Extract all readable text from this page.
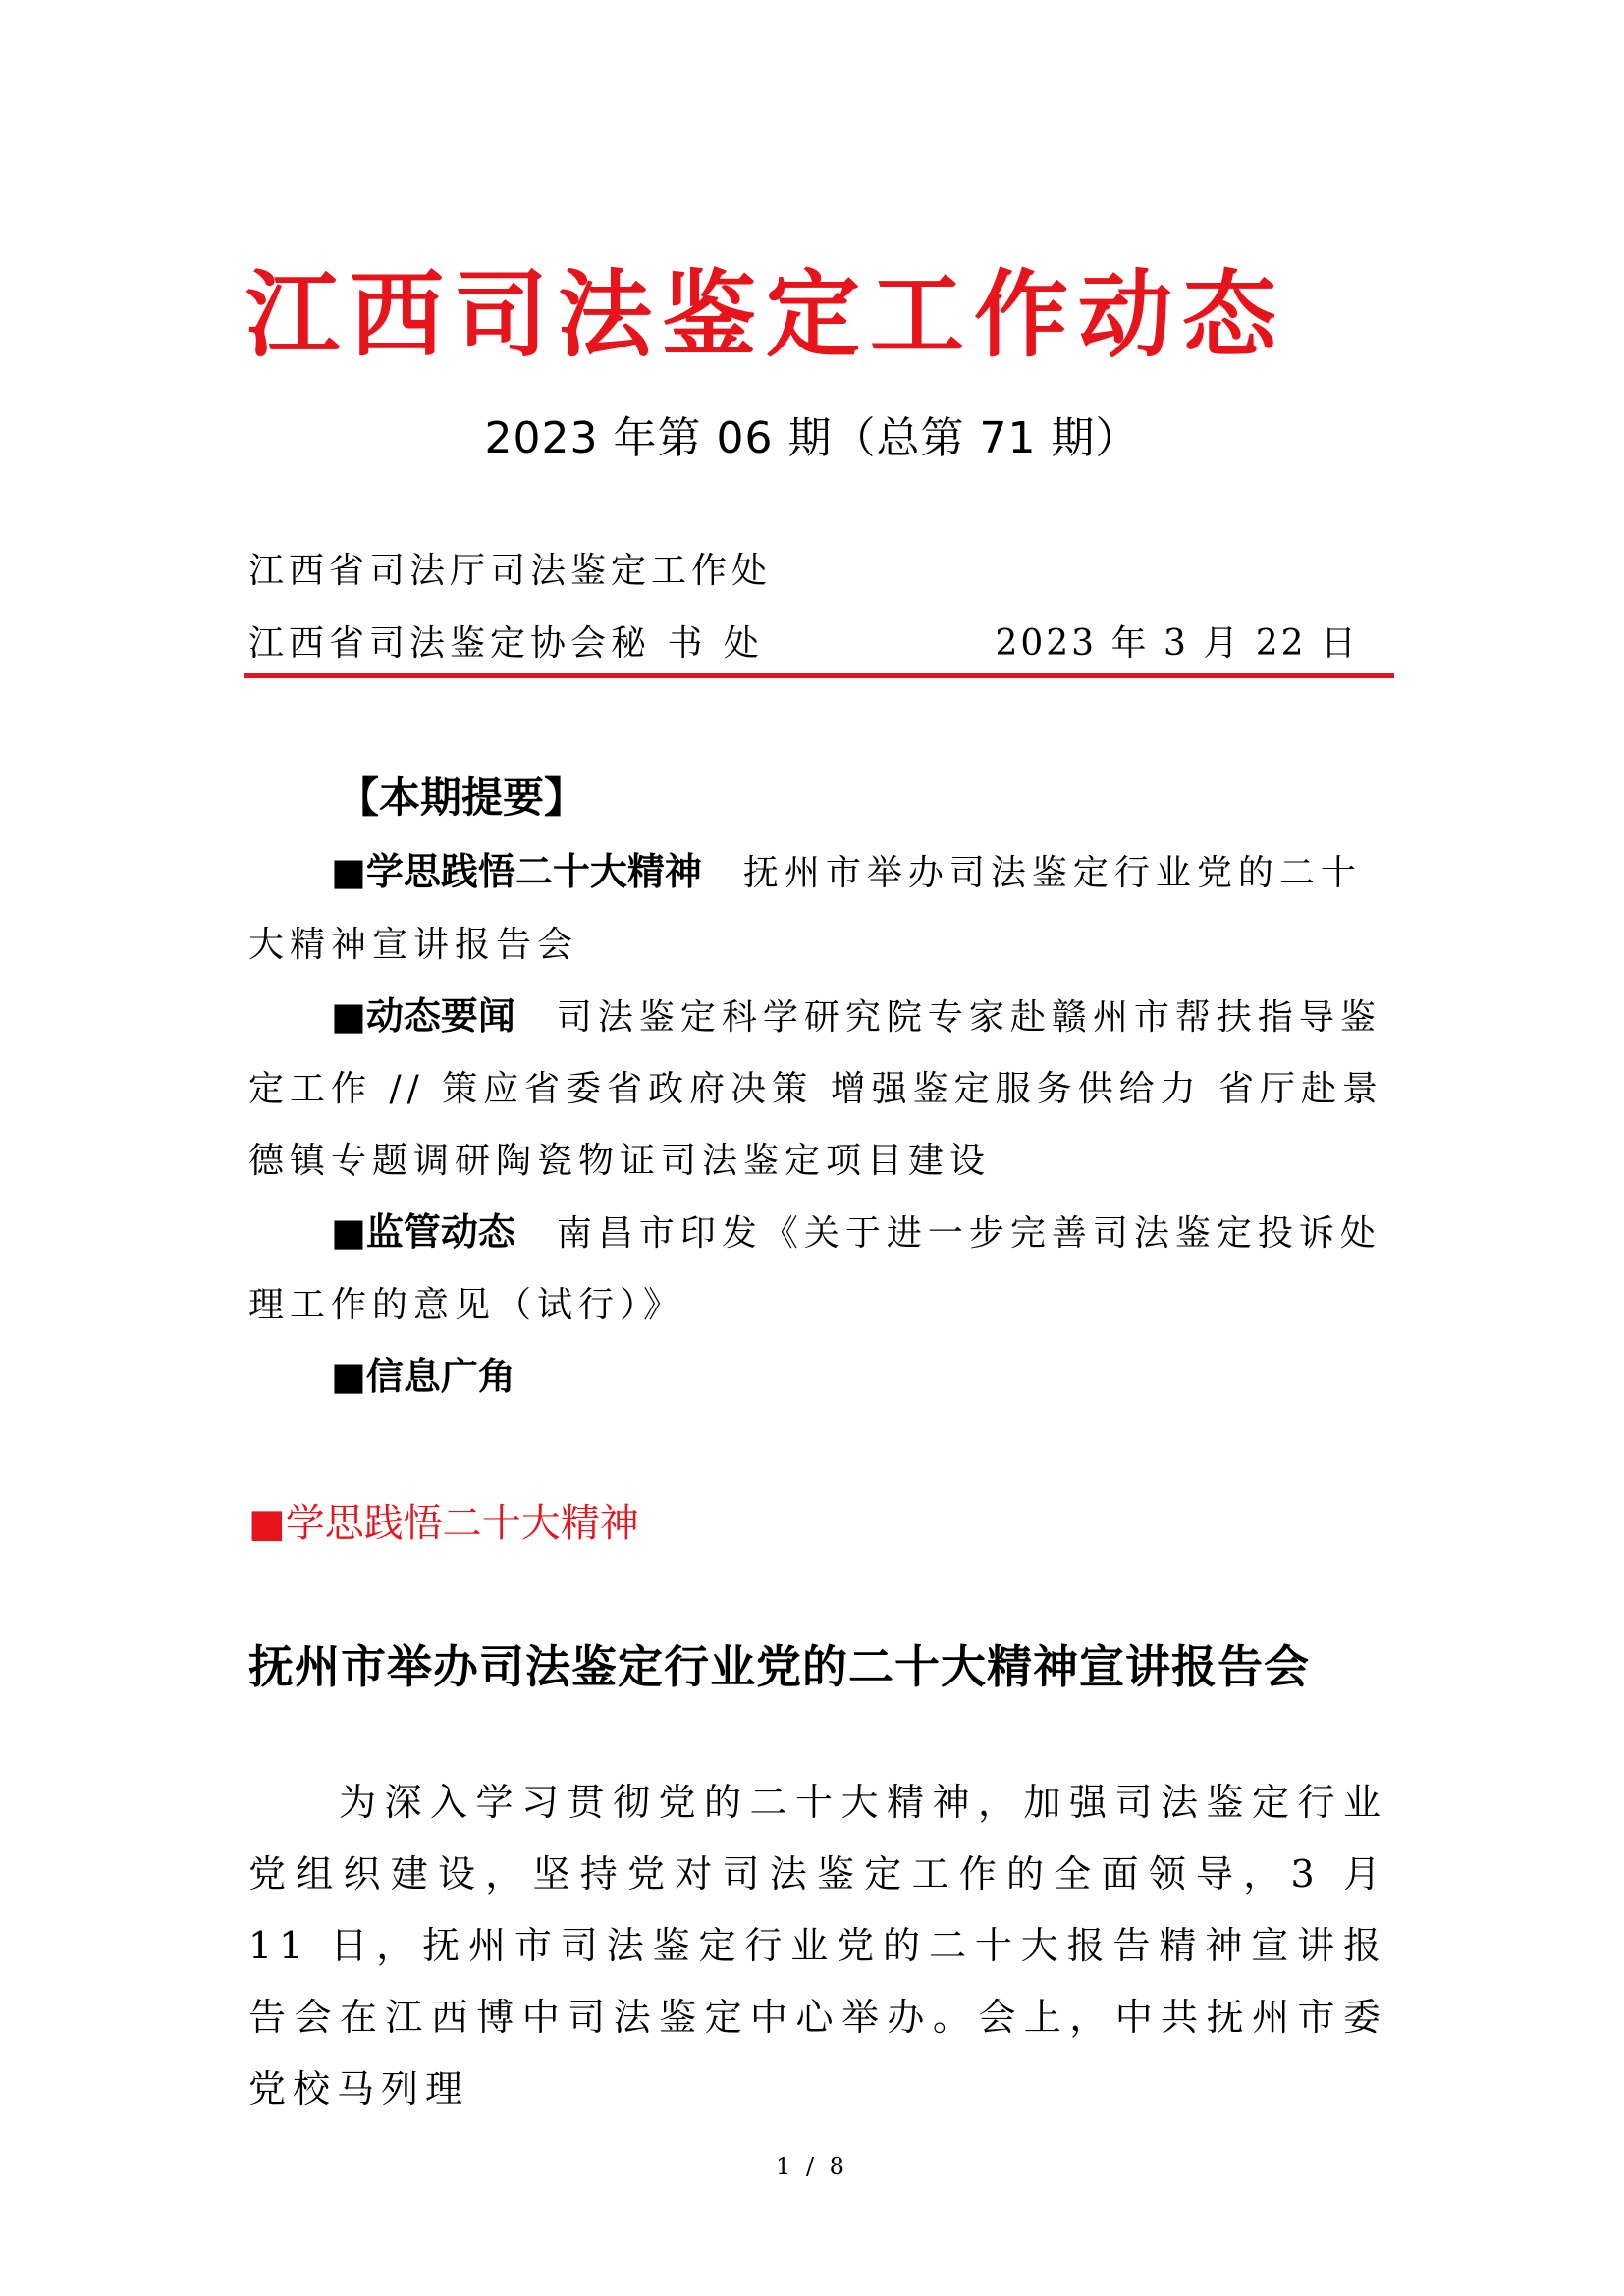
江西司法鉴定工作动态
2023 年第 06 期（总第 71 期）
江西省司法厅司法鉴定工作处
江西省司法鉴定协会秘 书 处	2023 年 3 月 22 日
【本期提要】

■学思践悟二十大精神 抚州市举办司法鉴定行业党的二十大精神宣讲报告会

■动态要闻 司法鉴定科学研究院专家赴赣州市帮扶指导鉴定工作 // 策应省委省政府决策 增强鉴定服务供给力 省厅赴景德镇专题调研陶瓷物证司法鉴定项目建设

■监管动态 南昌市印发《关于进一步完善司法鉴定投诉处理工作的意见（试行）》

■信息广角

■学思践悟二十大精神
抚州市举办司法鉴定行业党的二十大精神宣讲报告会

为深入学习贯彻党的二十大精神，加强司法鉴定行业党组织建设，坚持党对司法鉴定工作的全面领导，3 月 11 日，抚州市司法鉴定行业党的二十大报告精神宣讲报告会在江西博中司法鉴定中心举办。会上，中共抚州市委党校马列理

1 / 8
